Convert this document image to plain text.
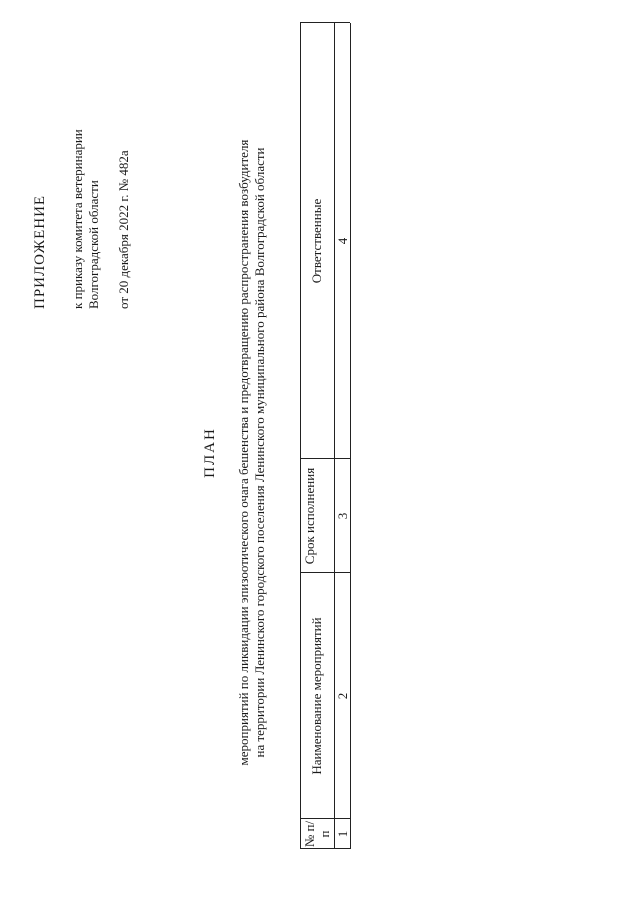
ПРИЛОЖЕНИЕ к приказу комитета ветеринарии Волгоградской области от 20 декабря 2022 г. № 482а
ПЛАН мероприятий по ликвидации эпизоотического очага бешенства и предотвращению распространения возбудителя на территории Ленинского городского поселения Ленинского муниципального района Волгоградской области
№ п/п
Наименование мероприятий
Срок исполнения
Ответственные
1
2
3
4
